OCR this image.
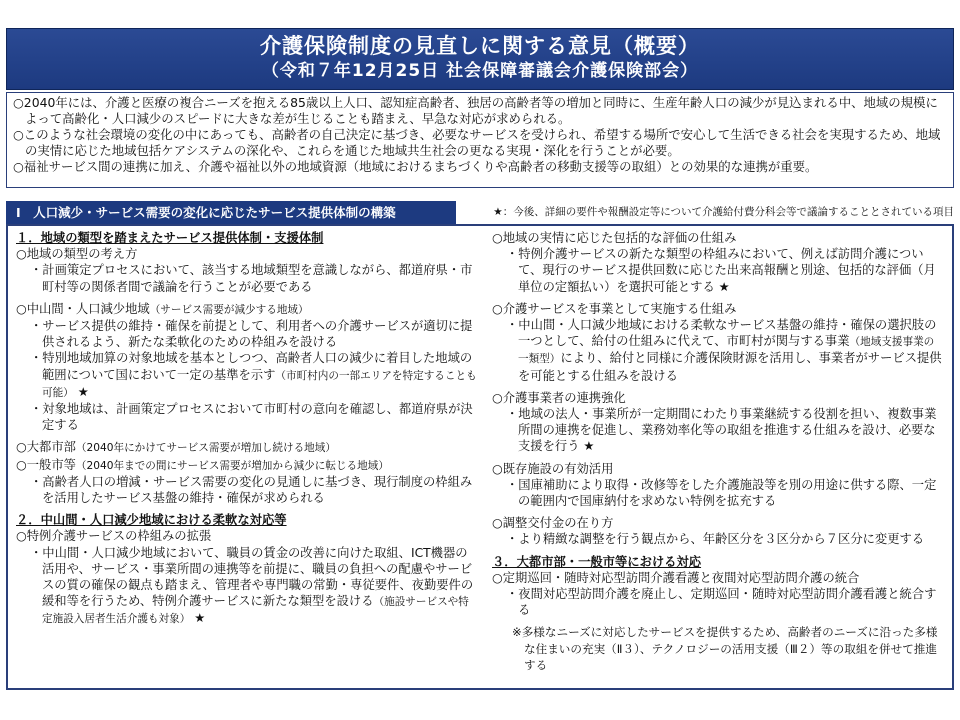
介護保険制度の見直しに関する意見（概要）
（令和７年12月25日 社会保障審議会介護保険部会）

○2040年には、介護と医療の複合ニーズを抱える85歳以上人口、認知症高齢者、独居の高齢者等の増加と同時に、生産年齢人口の減少が見込まれる中、地域の規模によって高齢化・人口減少のスピードに大きな差が生じることも踏まえ、早急な対応が求められる。

○このような社会環境の変化の中にあっても、高齢者の自己決定に基づき、必要なサービスを受けられ、希望する場所で安心して生活できる社会を実現するため、地域の実情に応じた地域包括ケアシステムの深化や、これらを通じた地域共生社会の更なる実現・深化を行うことが必要。

○福祉サービス間の連携に加え、介護や福祉以外の地域資源（地域におけるまちづくりや高齢者の移動支援等の取組）との効果的な連携が重要。

Ⅰ　人口減少・サービス需要の変化に応じたサービス提供体制の構築	★：今後、詳細の要件や報酬設定等について介護給付費分科会等で議論することとされている項目

１．地域の類型を踏まえたサービス提供体制・支援体制

○地域の類型の考え方

・計画策定プロセスにおいて、該当する地域類型を意識しながら、都道府県・市町村等の関係者間で議論を行うことが必要である

○中山間・人口減少地域（サービス需要が減少する地域）

・サービス提供の維持・確保を前提として、利用者への介護サービスが適切に提供されるよう、新たな柔軟化のための枠組みを設ける

・特別地域加算の対象地域を基本としつつ、高齢者人口の減少に着目した地域の範囲について国において一定の基準を示す（市町村内の一部エリアを特定することも可能） ★

・対象地域は、計画策定プロセスにおいて市町村の意向を確認し、都道府県が決定する

○大都市部（2040年にかけてサービス需要が増加し続ける地域）

○一般市等（2040年までの間にサービス需要が増加から減少に転じる地域）

・高齢者人口の増減・サービス需要の変化の見通しに基づき、現行制度の枠組みを活用したサービス基盤の維持・確保が求められる

２．中山間・人口減少地域における柔軟な対応等

○特例介護サービスの枠組みの拡張

・中山間・人口減少地域において、職員の賃金の改善に向けた取組、ICT機器の活用や、サービス・事業所間の連携等を前提に、職員の負担への配慮やサービスの質の確保の観点も踏まえ、管理者や専門職の常勤・専従要件、夜勤要件の緩和等を行うため、特例介護サービスに新たな類型を設ける（施設サービスや特定施設入居者生活介護も対象） ★

○地域の実情に応じた包括的な評価の仕組み

・特例介護サービスの新たな類型の枠組みにおいて、例えば訪問介護について、現行のサービス提供回数に応じた出来高報酬と別途、包括的な評価（月単位の定額払い）を選択可能とする ★

○介護サービスを事業として実施する仕組み

・中山間・人口減少地域における柔軟なサービス基盤の維持・確保の選択肢の一つとして、給付の仕組みに代えて、市町村が関与する事業（地域支援事業の一類型）により、給付と同様に介護保険財源を活用し、事業者がサービス提供を可能とする仕組みを設ける

○介護事業者の連携強化

・地域の法人・事業所が一定期間にわたり事業継続する役割を担い、複数事業所間の連携を促進し、業務効率化等の取組を推進する仕組みを設け、必要な支援を行う ★

○既存施設の有効活用

・国庫補助により取得・改修等をした介護施設等を別の用途に供する際、一定の範囲内で国庫納付を求めない特例を拡充する

○調整交付金の在り方

・より精緻な調整を行う観点から、年齢区分を３区分から７区分に変更する

３．大都市部・一般市等における対応

○定期巡回・随時対応型訪問介護看護と夜間対応型訪問介護の統合

・夜間対応型訪問介護を廃止し、定期巡回・随時対応型訪問介護看護と統合する

※多様なニーズに対応したサービスを提供するため、高齢者のニーズに沿った多様な住まいの充実（Ⅱ３）、テクノロジーの活用支援（Ⅲ２）等の取組を併せて推進する
